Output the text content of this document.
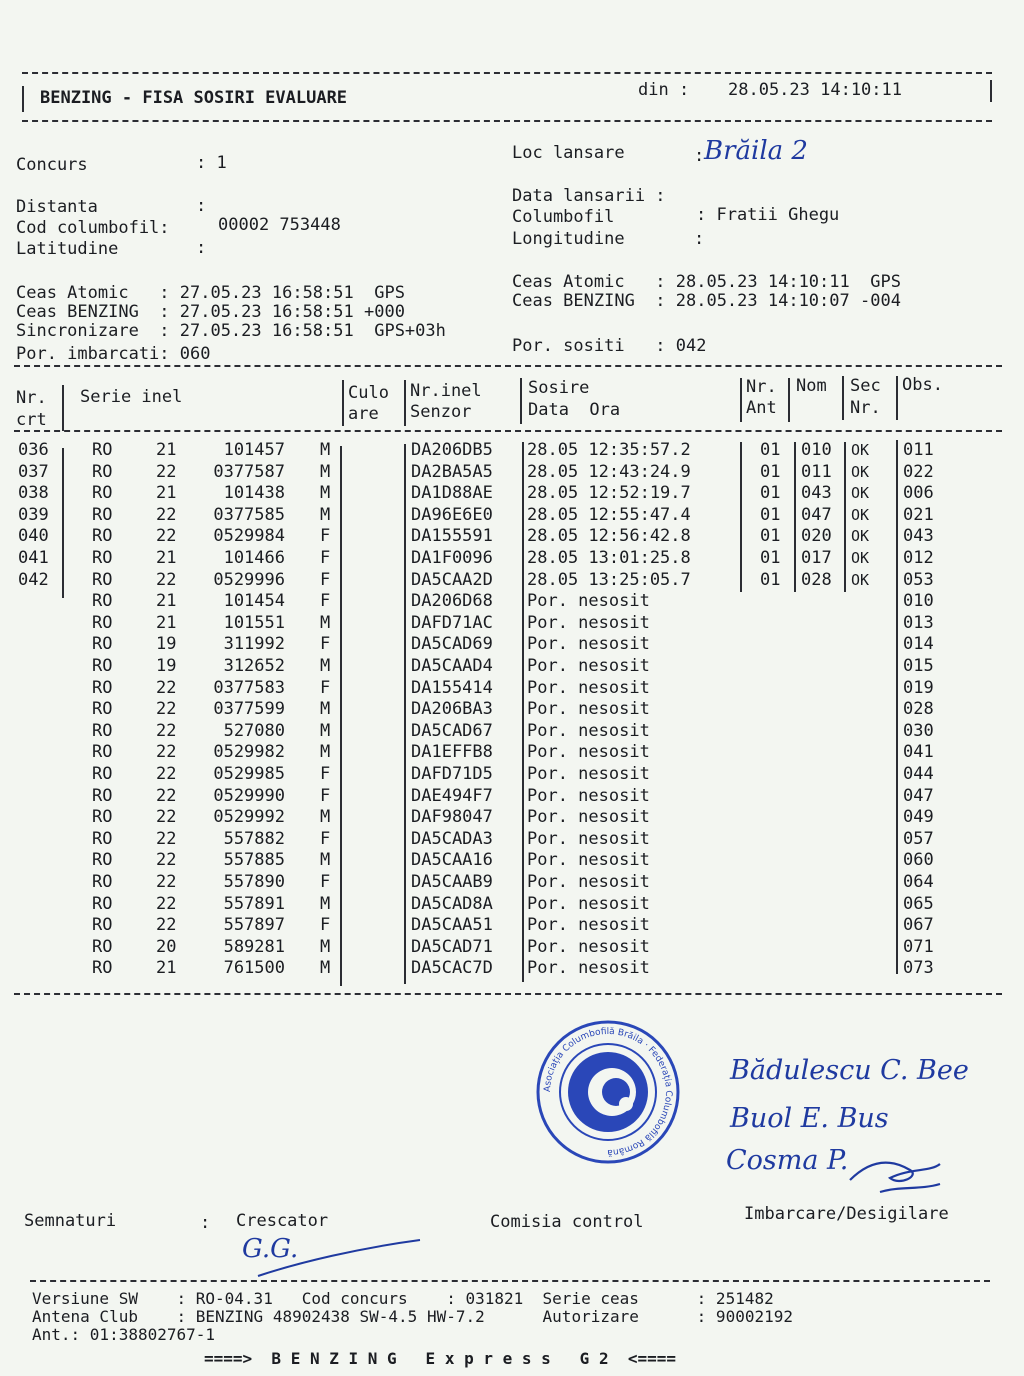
BENZING - FISA SOSIRI EVALUARE	din : 28.05.23 14:10:11
Concurs	: 1	Loc lansare	: Brăila 2
Distanta	:	Data lansarii :
Cod columbofil:	00002 753448	Columbofil	: Fratii Ghegu
Latitudine	:	Longitudine	:
Ceas Atomic   : 27.05.23 16:58:51  GPS
Ceas BENZING  : 27.05.23 16:58:51 +000
Sincronizare  : 27.05.23 16:58:51  GPS+03h
Por. imbarcati: 060
Ceas Atomic   : 28.05.23 14:10:11  GPS
Ceas BENZING  : 28.05.23 14:10:07 -004
Por. sositi   : 042
Nr.
crt
Serie inel	Culo
are
Nr.inel
Senzor
Sosire
Data  Ora
Nr.
Ant
Nom Sec
Nr.
Obs.
036	RO	21	101457 M	DA206DB5 28.05 12:35:57.2	01 010 OK 011
037	RO	22	0377587 M	DA2BA5A5 28.05 12:43:24.9	01 011 OK 022
038	RO	21	101438 M	DA1D88AE 28.05 12:52:19.7	01 043 OK 006
039	RO	22	0377585 M	DA96E6E0 28.05 12:55:47.4	01 047 OK 021
040	RO	22	0529984 F	DA155591 28.05 12:56:42.8	01 020 OK 043
041	RO	21	101466 F	DA1F0096 28.05 13:01:25.8	01 017 OK 012
042	RO	22	0529996 F	DA5CAA2D 28.05 13:25:05.7	01 028 OK 053
RO	21	101454 F	DA206D68 Por. nesosit	010
RO	21	101551 M	DAFD71AC Por. nesosit	013
RO	19	311992 F	DA5CAD69 Por. nesosit	014
RO	19	312652 M	DA5CAAD4 Por. nesosit	015
RO	22	0377583 F	DA155414 Por. nesosit	019
RO	22	0377599 M	DA206BA3 Por. nesosit	028
RO	22	527080 M	DA5CAD67 Por. nesosit	030
RO	22	0529982 M	DA1EFFB8 Por. nesosit	041
RO	22	0529985 F	DAFD71D5 Por. nesosit	044
RO	22	0529990 F	DAE494F7 Por. nesosit	047
RO	22	0529992 M	DAF98047 Por. nesosit	049
RO	22	557882 F	DA5CADA3 Por. nesosit	057
RO	22	557885 M	DA5CAA16 Por. nesosit	060
RO	22	557890 F	DA5CAAB9 Por. nesosit	064
RO	22	557891 M	DA5CAD8A Por. nesosit	065
RO	22	557897 F	DA5CAA51 Por. nesosit	067
RO	20	589281 M	DA5CAD71 Por. nesosit	071
RO	21	761500 M	DA5CAC7D Por. nesosit	073
Asociația Columbofilă Brăila · Federația Columbofilă Română
Bădulescu C. Bee
Buol E. Bus
Cosma P.
Semnaturi	: Crescator	Comisia control	Imbarcare/Desigilare
G.G.
Versiune SW    : RO-04.31   Cod concurs    : 031821  Serie ceas      : 251482
Antena Club    : BENZING 48902438 SW-4.5 HW-7.2      Autorizare      : 90002192
Ant.: 01:38802767-1
====>  B E N Z I N G   E x p r e s s   G 2  <====
